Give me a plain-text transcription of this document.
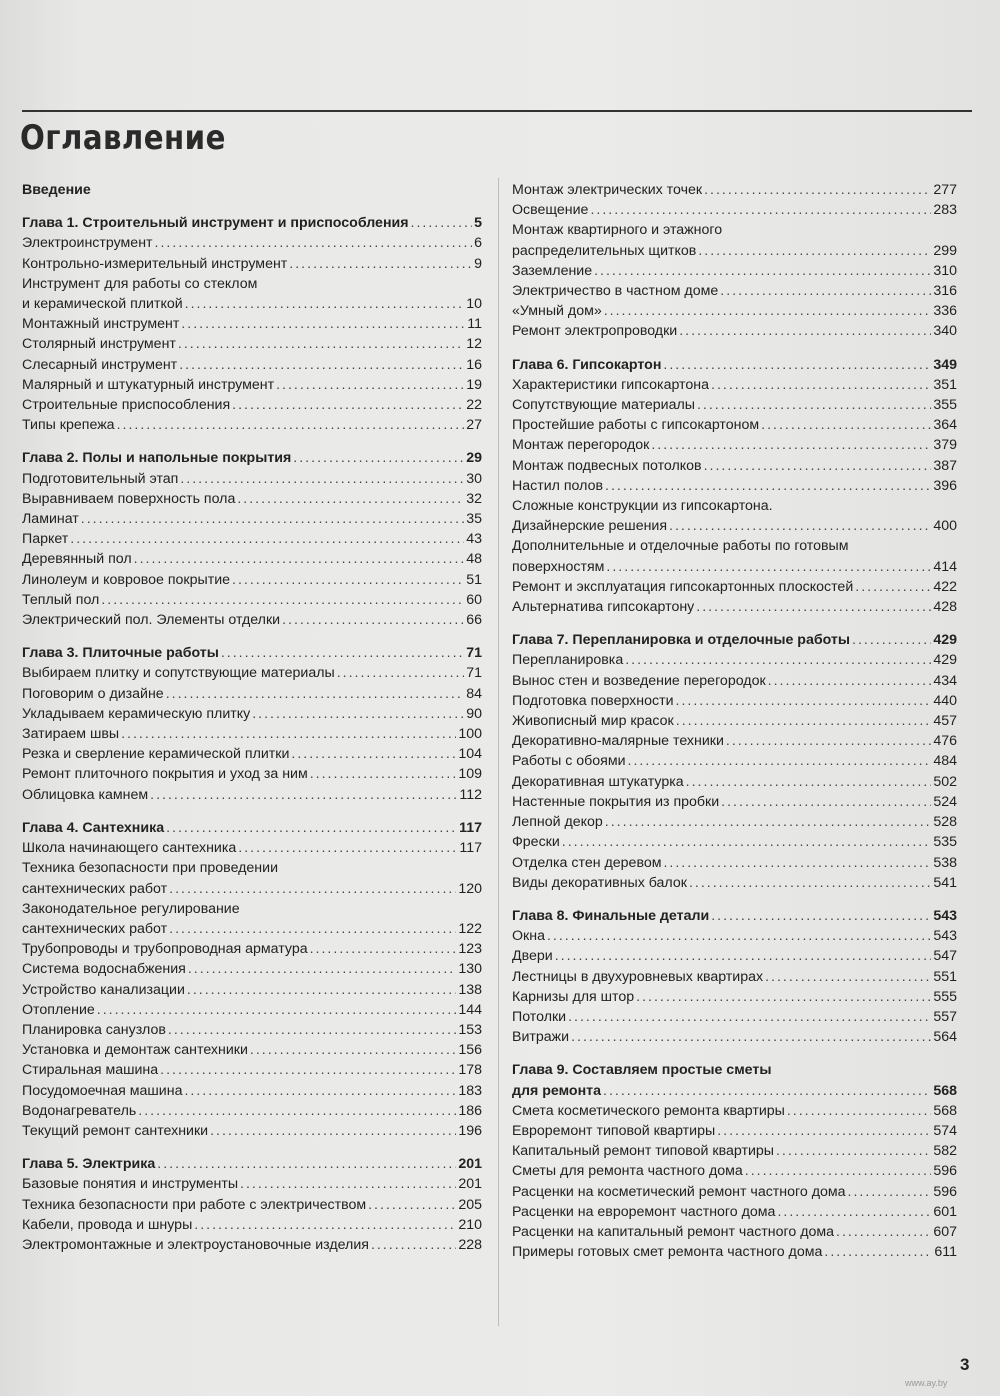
Оглавление
Введение
Глава 1. Строительный инструмент и приспособления .....	5
Электроинструмент .....	6
Контрольно-измерительный инструмент .....	9
Инструмент для работы со стеклом
и керамической плиткой .....	10
Монтажный инструмент .....	11
Столярный инструмент .....	12
Слесарный инструмент .....	16
Малярный и штукатурный инструмент .....	19
Строительные приспособления .....	22
Типы крепежа .....	27
Глава 2. Полы и напольные покрытия .....	29
Подготовительный этап .....	30
Выравниваем поверхность пола .....	32
Ламинат .....	35
Паркет .....	43
Деревянный пол .....	48
Линолеум и ковровое покрытие .....	51
Теплый пол .....	60
Электрический пол. Элементы отделки .....	66
Глава 3. Плиточные работы .....	71
Выбираем плитку и сопутствующие материалы .....	71
Поговорим о дизайне .....	84
Укладываем керамическую плитку .....	90
Затираем швы .....	100
Резка и сверление керамической плитки .....	104
Ремонт плиточного покрытия и уход за ним .....	109
Облицовка камнем .....	112
Глава 4. Сантехника .....	117
Школа начинающего сантехника .....	117
Техника безопасности при проведении
сантехнических работ .....	120
Законодательное регулирование
сантехнических работ .....	122
Трубопроводы и трубопроводная арматура .....	123
Система водоснабжения .....	130
Устройство канализации .....	138
Отопление .....	144
Планировка санузлов .....	153
Установка и демонтаж сантехники .....	156
Стиральная машина .....	178
Посудомоечная машина .....	183
Водонагреватель .....	186
Текущий ремонт сантехники .....	196
Глава 5. Электрика .....	201
Базовые понятия и инструменты .....	201
Техника безопасности при работе с электричеством .....	205
Кабели, провода и шнуры .....	210
Электромонтажные и электроустановочные изделия .....	228
Монтаж электрических точек .....	277
Освещение .....	283
Монтаж квартирного и этажного
распределительных щитков .....	299
Заземление .....	310
Электричество в частном доме .....	316
«Умный дом» .....	336
Ремонт электропроводки .....	340
Глава 6. Гипсокартон .....	349
Характеристики гипсокартона .....	351
Сопутствующие материалы .....	355
Простейшие работы с гипсокартоном .....	364
Монтаж перегородок .....	379
Монтаж подвесных потолков .....	387
Настил полов .....	396
Сложные конструкции из гипсокартона.
Дизайнерские решения .....	400
Дополнительные и отделочные работы по готовым
поверхностям .....	414
Ремонт и эксплуатация гипсокартонных плоскостей .....	422
Альтернатива гипсокартону .....	428
Глава 7. Перепланировка и отделочные работы .....	429
Перепланировка .....	429
Вынос стен и возведение перегородок .....	434
Подготовка поверхности .....	440
Живописный мир красок .....	457
Декоративно-малярные техники .....	476
Работы с обоями .....	484
Декоративная штукатурка .....	502
Настенные покрытия из пробки .....	524
Лепной декор .....	528
Фрески .....	535
Отделка стен деревом .....	538
Виды декоративных балок .....	541
Глава 8. Финальные детали .....	543
Окна .....	543
Двери .....	547
Лестницы в двухуровневых квартирах .....	551
Карнизы для штор .....	555
Потолки .....	557
Витражи .....	564
Глава 9. Составляем простые сметы
для ремонта .....	568
Смета косметического ремонта квартиры .....	568
Евроремонт типовой квартиры .....	574
Капитальный ремонт типовой квартиры .....	582
Сметы для ремонта частного дома .....	596
Расценки на косметический ремонт частного дома .....	596
Расценки на евроремонт частного дома .....	601
Расценки на капитальный ремонт частного дома .....	607
Примеры готовых смет ремонта частного дома .....	611
3
www.ay.by
